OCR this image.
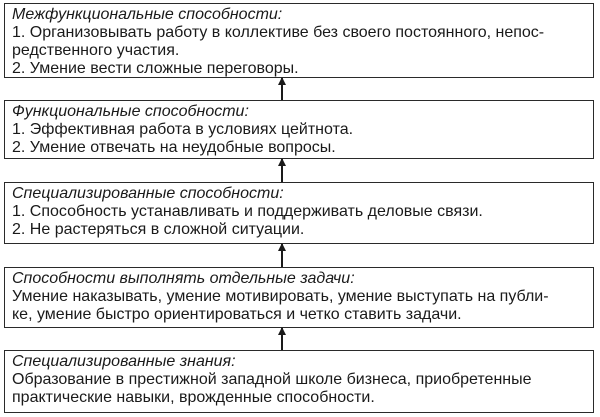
Межфункциональные способности:
1. Организовывать работу в коллективе без своего постоянного, непос-
редственного участия.
2. Умение вести сложные переговоры.
Функциональные способности:
1. Эффективная работа в условиях цейтнота.
2. Умение отвечать на неудобные вопросы.
Специализированные способности:
1. Способность устанавливать и поддерживать деловые связи.
2. Не растеряться в сложной ситуации.
Способности выполнять отдельные задачи:
Умение наказывать, умение мотивировать, умение выступать на публи-
ке, умение быстро ориентироваться и четко ставить задачи.
Специализированные знания:
Образование в престижной западной школе бизнеса, приобретенные
практические навыки, врожденные способности.
